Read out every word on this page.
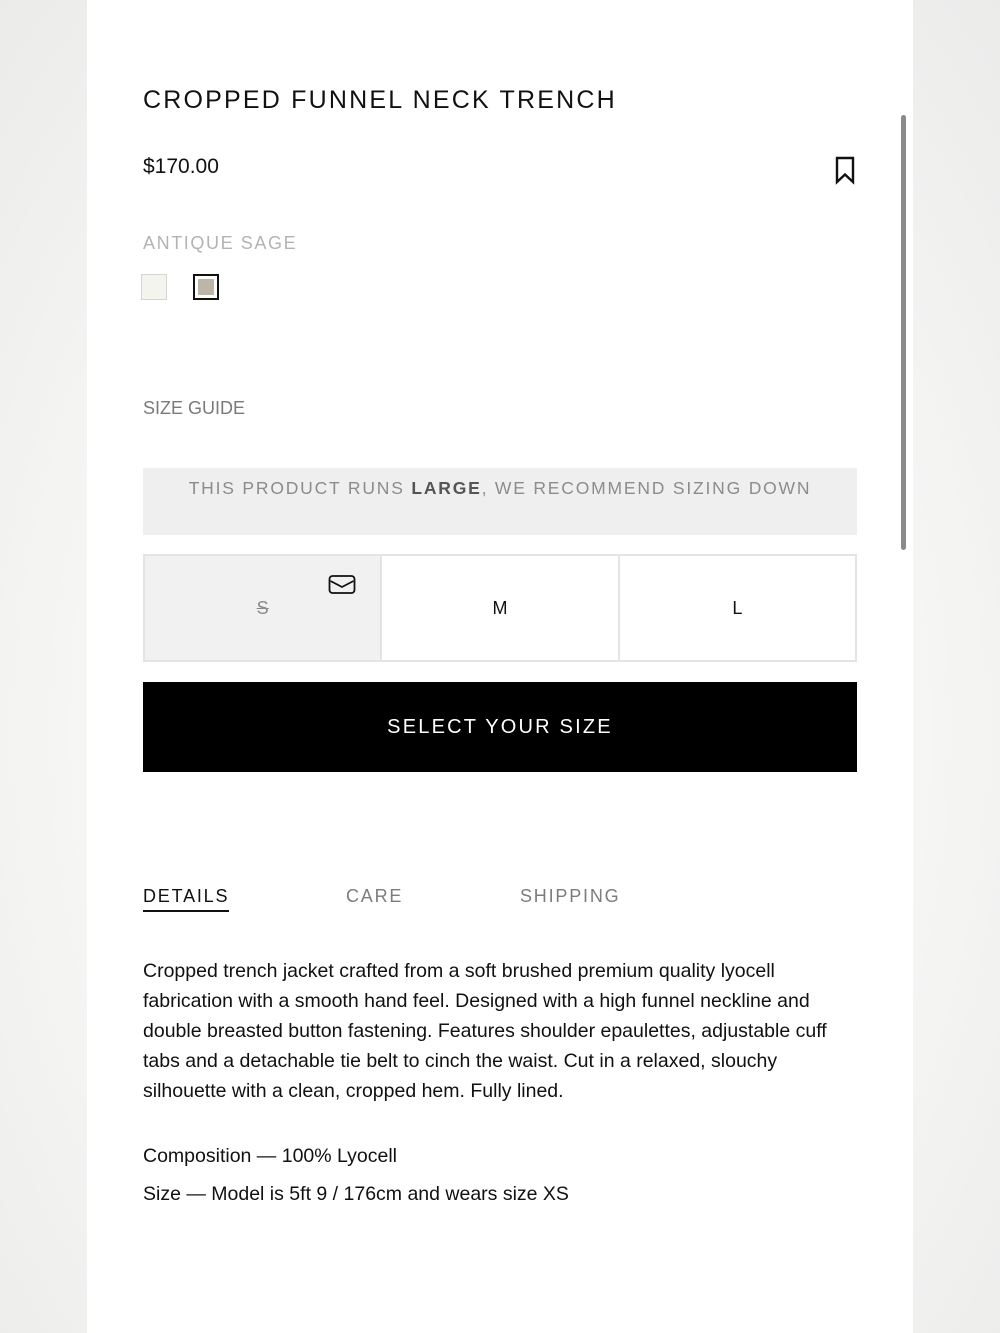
CROPPED FUNNEL NECK TRENCH
$170.00
ANTIQUE SAGE
SIZE GUIDE
THIS PRODUCT RUNS LARGE, WE RECOMMEND SIZING DOWN
S	M	L
SELECT YOUR SIZE
DETAILS	CARE	SHIPPING
Cropped trench jacket crafted from a soft brushed premium quality lyocell fabrication with a smooth hand feel. Designed with a high funnel neckline and double breasted button fastening. Features shoulder epaulettes, adjustable cuff tabs and a detachable tie belt to cinch the waist. Cut in a relaxed, slouchy silhouette with a clean, cropped hem. Fully lined.
Composition — 100% Lyocell
Size — Model is 5ft 9 / 176cm and wears size XS
